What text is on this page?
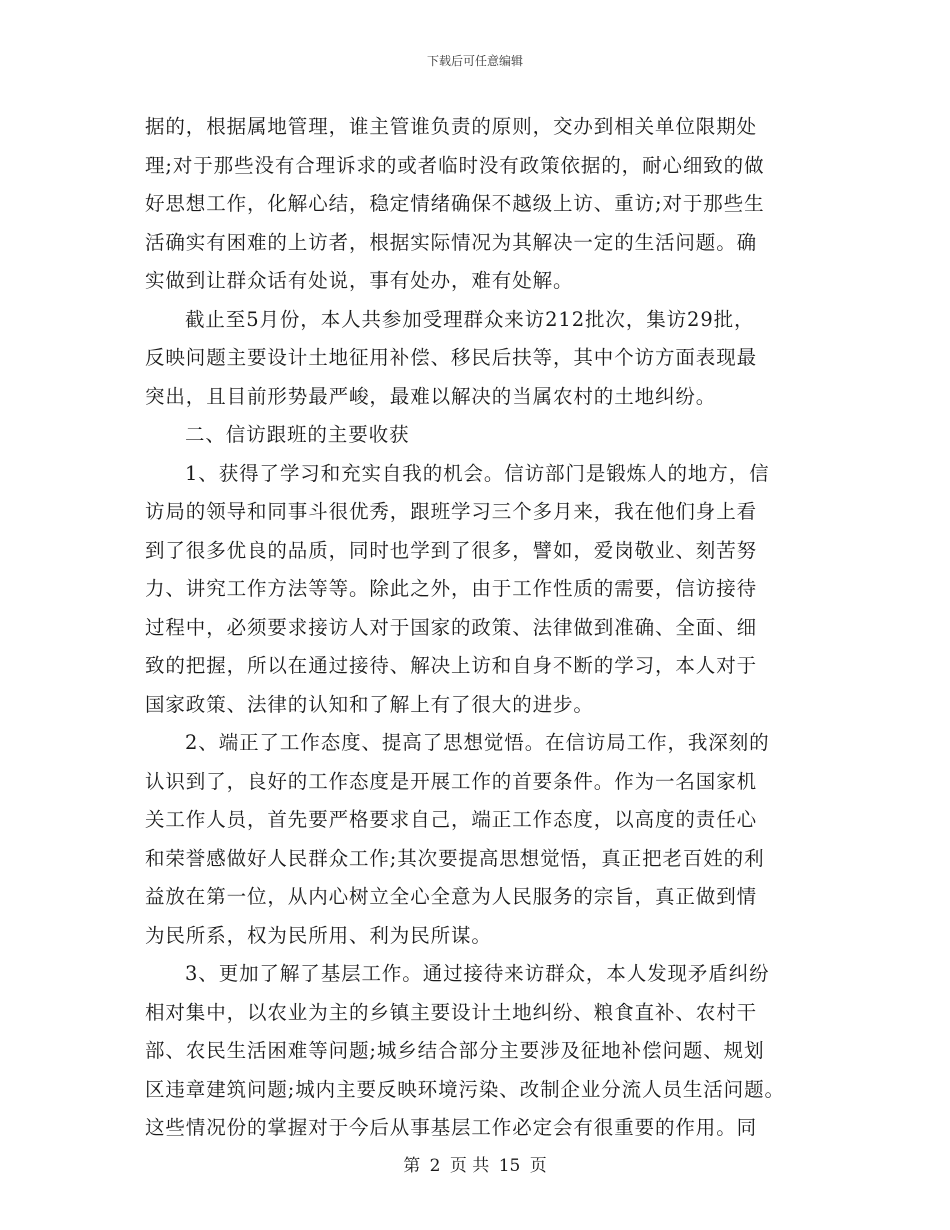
下载后可任意编辑
据的，根据属地管理，谁主管谁负责的原则，交办到相关单位限期处
理;对于那些没有合理诉求的或者临时没有政策依据的，耐心细致的做
好思想工作，化解心结，稳定情绪确保不越级上访、重访;对于那些生
活确实有困难的上访者，根据实际情况为其解决一定的生活问题。确
实做到让群众话有处说，事有处办，难有处解。
截止至5月份，本人共参加受理群众来访212批次，集访29批，
反映问题主要设计土地征用补偿、移民后扶等，其中个访方面表现最
突出，且目前形势最严峻，最难以解决的当属农村的土地纠纷。
二、信访跟班的主要收获
1、获得了学习和充实自我的机会。信访部门是锻炼人的地方，信
访局的领导和同事斗很优秀，跟班学习三个多月来，我在他们身上看
到了很多优良的品质，同时也学到了很多，譬如，爱岗敬业、刻苦努
力、讲究工作方法等等。除此之外，由于工作性质的需要，信访接待
过程中，必须要求接访人对于国家的政策、法律做到准确、全面、细
致的把握，所以在通过接待、解决上访和自身不断的学习，本人对于
国家政策、法律的认知和了解上有了很大的进步。
2、端正了工作态度、提高了思想觉悟。在信访局工作，我深刻的
认识到了，良好的工作态度是开展工作的首要条件。作为一名国家机
关工作人员，首先要严格要求自己，端正工作态度，以高度的责任心
和荣誉感做好人民群众工作;其次要提高思想觉悟，真正把老百姓的利
益放在第一位，从内心树立全心全意为人民服务的宗旨，真正做到情
为民所系，权为民所用、利为民所谋。
3、更加了解了基层工作。通过接待来访群众，本人发现矛盾纠纷
相对集中，以农业为主的乡镇主要设计土地纠纷、粮食直补、农村干
部、农民生活困难等问题;城乡结合部分主要涉及征地补偿问题、规划
区违章建筑问题;城内主要反映环境污染、改制企业分流人员生活问题。
这些情况份的掌握对于今后从事基层工作必定会有很重要的作用。同
第 2 页 共 15 页
